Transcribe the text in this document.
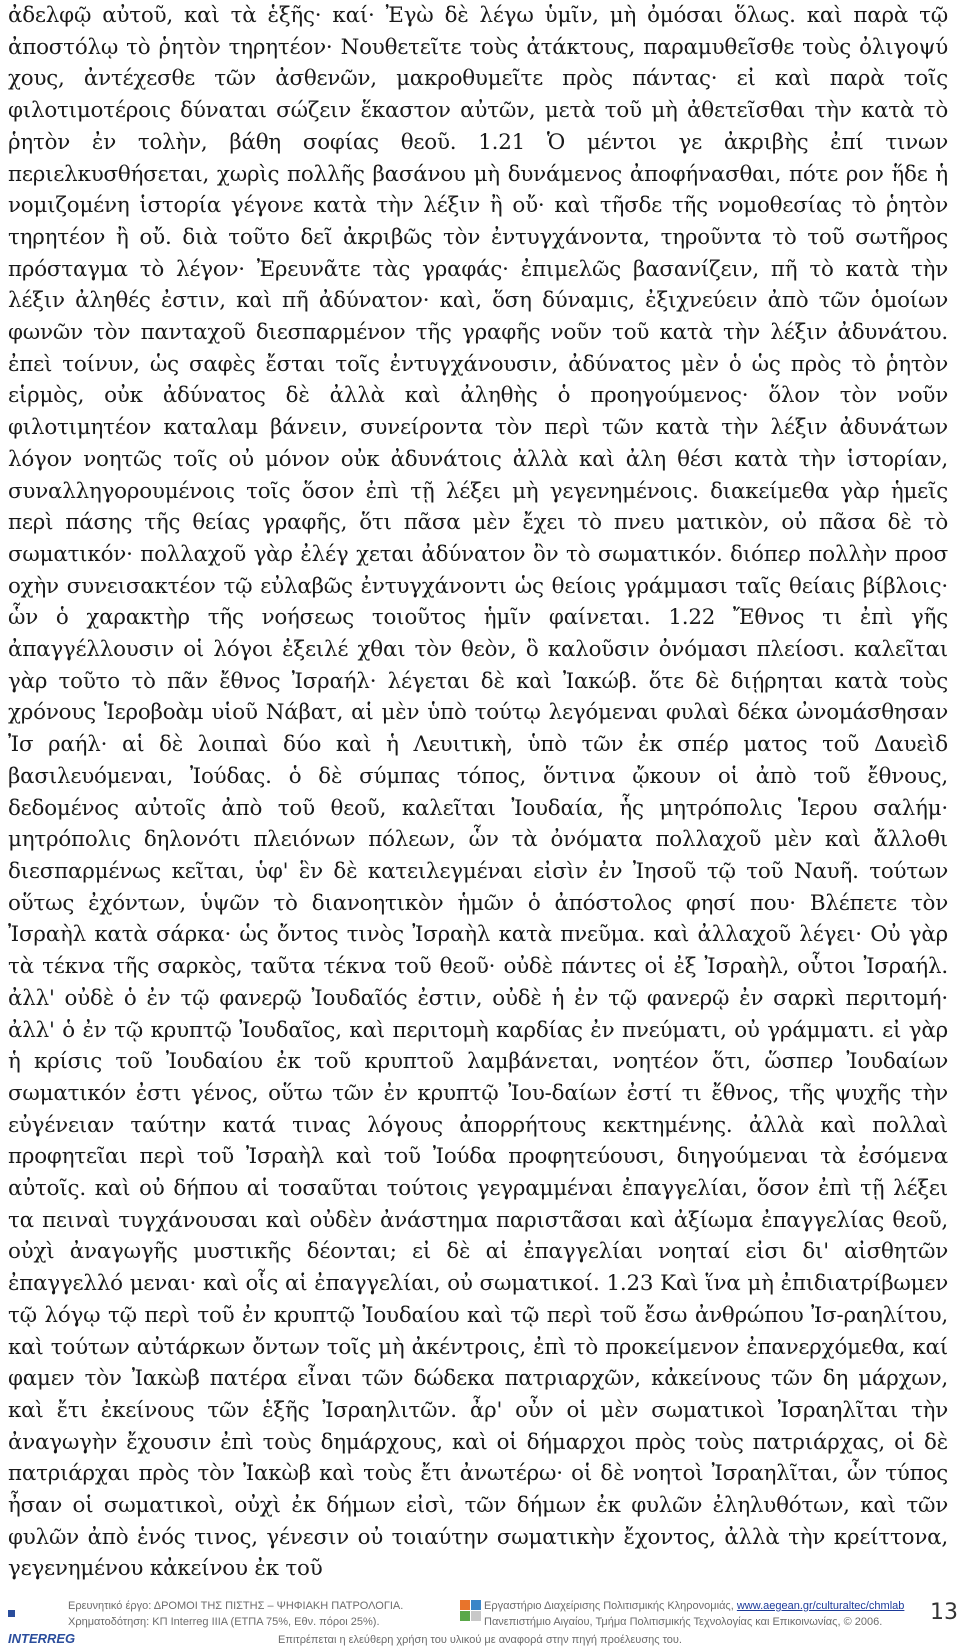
ἀδελφῷ αὐτοῦ, καὶ τὰ ἑξῆς· καί· Ἐγὼ δὲ λέγω ὑμῖν, μὴ ὀμόσαι ὅλως. καὶ παρὰ τῷ ἀποστόλῳ τὸ ῥητὸν τηρητέον· Νουθετεῖτε τοὺς ἀτάκτους, παραμυθεῖσθε τοὺς ὀλιγοψύ χους, ἀντέχεσθε τῶν ἀσθενῶν, μακροθυμεῖτε πρὸς πάντας· εἰ καὶ παρὰ τοῖς φιλοτιμοτέροις δύναται σώζειν ἕκαστον αὐτῶν, μετὰ τοῦ μὴ ἀθετεῖσθαι τὴν κατὰ τὸ ῥητὸν ἐν τολὴν, βάθη σοφίας θεοῦ. 1.21 Ὁ μέντοι γε ἀκριβὴς ἐπί τινων περιελκυσθήσεται, χωρὶς πολλῆς βασάνου μὴ δυνάμενος ἀποφήνασθαι, πότε ρον ἥδε ἡ νομιζομένη ἱστορία γέγονε κατὰ τὴν λέξιν ἢ οὔ· καὶ τῆσδε τῆς νομοθεσίας τὸ ῥητὸν τηρητέον ἢ οὔ. διὰ τοῦτο δεῖ ἀκριβῶς τὸν ἐντυγχάνοντα, τηροῦντα τὸ τοῦ σωτῆρος πρόσταγμα τὸ λέγον· Ἐρευνᾶτε τὰς γραφάς· ἐπιμελῶς βασανίζειν, πῆ τὸ κατὰ τὴν λέξιν ἀληθές ἐστιν, καὶ πῆ ἀδύνατον· καὶ, ὅση δύναμις, ἐξιχνεύειν ἀπὸ τῶν ὁμοίων φωνῶν τὸν πανταχοῦ διεσπαρμένον τῆς γραφῆς νοῦν τοῦ κατὰ τὴν λέξιν ἀδυνάτου. ἐπεὶ τοίνυν, ὡς σαφὲς ἔσται τοῖς ἐντυγχάνουσιν, ἀδύνατος μὲν ὁ ὡς πρὸς τὸ ῥητὸν εἱρμὸς, οὐκ ἀδύνατος δὲ ἀλλὰ καὶ ἀληθὴς ὁ προηγούμενος· ὅλον τὸν νοῦν φιλοτιμητέον καταλαμ βάνειν, συνείροντα τὸν περὶ τῶν κατὰ τὴν λέξιν ἀδυνάτων λόγον νοητῶς τοῖς οὐ μόνον οὐκ ἀδυνάτοις ἀλλὰ καὶ ἀλη θέσι κατὰ τὴν ἱστορίαν, συναλληγορουμένοις τοῖς ὅσον ἐπὶ τῇ λέξει μὴ γεγενημένοις. διακείμεθα γὰρ ἡμεῖς περὶ πάσης τῆς θείας γραφῆς, ὅτι πᾶσα μὲν ἔχει τὸ πνευ ματικὸν, οὐ πᾶσα δὲ τὸ σωματικόν· πολλαχοῦ γὰρ ἐλέγ χεται ἀδύνατον ὂν τὸ σωματικόν. διόπερ πολλὴν προσ οχὴν συνεισακτέον τῷ εὐλαβῶς ἐντυγχάνοντι ὡς θείοις γράμμασι ταῖς θείαις βίβλοις· ὧν ὁ χαρακτὴρ τῆς νοήσεως τοιοῦτος ἡμῖν φαίνεται. 1.22 Ἔθνος τι ἐπὶ γῆς ἀπαγγέλλουσιν οἱ λόγοι ἐξειλέ χθαι τὸν θεὸν, ὃ καλοῦσιν ὀνόμασι πλείοσι. καλεῖται γὰρ τοῦτο τὸ πᾶν ἔθνος Ἰσραήλ· λέγεται δὲ καὶ Ἰακώβ. ὅτε δὲ διῄρηται κατὰ τοὺς χρόνους Ἱεροβοὰμ υἱοῦ Νάβατ, αἱ μὲν ὑπὸ τούτῳ λεγόμεναι φυλαὶ δέκα ὠνομάσθησαν Ἰσ ραήλ· αἱ δὲ λοιπαὶ δύο καὶ ἡ Λευιτικὴ, ὑπὸ τῶν ἐκ σπέρ ματος τοῦ Δαυεὶδ βασιλευόμεναι, Ἰούδας. ὁ δὲ σύμπας τόπος, ὅντινα ᾤκουν οἱ ἀπὸ τοῦ ἔθνους, δεδομένος αὐτοῖς ἀπὸ τοῦ θεοῦ, καλεῖται Ἰουδαία, ἧς μητρόπολις Ἱερου σαλήμ· μητρόπολις δηλονότι πλειόνων πόλεων, ὧν τὰ ὀνόματα πολλαχοῦ μὲν καὶ ἄλλοθι διεσπαρμένως κεῖται, ὑφ' ἓν δὲ κατειλεγμέναι εἰσὶν ἐν Ἰησοῦ τῷ τοῦ Ναυῆ. τούτων οὕτως ἐχόντων, ὑψῶν τὸ διανοητικὸν ἡμῶν ὁ ἀπόστολος φησί που· Βλέπετε τὸν Ἰσραὴλ κατὰ σάρκα· ὡς ὄντος τινὸς Ἰσραὴλ κατὰ πνεῦμα. καὶ ἀλλαχοῦ λέγει· Οὐ γὰρ τὰ τέκνα τῆς σαρκὸς, ταῦτα τέκνα τοῦ θεοῦ· οὐδὲ πάντες οἱ ἐξ Ἰσραὴλ, οὗτοι Ἰσραήλ. ἀλλ' οὐδὲ ὁ ἐν τῷ φανερῷ Ἰουδαῖός ἐστιν, οὐδὲ ἡ ἐν τῷ φανερῷ ἐν σαρκὶ περιτομή· ἀλλ' ὁ ἐν τῷ κρυπτῷ Ἰουδαῖος, καὶ περιτομὴ καρδίας ἐν πνεύματι, οὐ γράμματι. εἰ γὰρ ἡ κρίσις τοῦ Ἰουδαίου ἐκ τοῦ κρυπτοῦ λαμβάνεται, νοητέον ὅτι, ὥσπερ Ἰουδαίων σωματικόν ἐστι γένος, οὕτω τῶν ἐν κρυπτῷ Ἰου-δαίων ἐστί τι ἔθνος, τῆς ψυχῆς τὴν εὐγένειαν ταύτην κατά τινας λόγους ἀπορρήτους κεκτημένης. ἀλλὰ καὶ πολλαὶ προφητεῖαι περὶ τοῦ Ἰσραὴλ καὶ τοῦ Ἰούδα προφητεύουσι, διηγούμεναι τὰ ἐσόμενα αὐτοῖς. καὶ οὐ δήπου αἱ τοσαῦται τούτοις γεγραμμέναι ἐπαγγελίαι, ὅσον ἐπὶ τῇ λέξει τα πειναὶ τυγχάνουσαι καὶ οὐδὲν ἀνάστημα παριστᾶσαι καὶ ἀξίωμα ἐπαγγελίας θεοῦ, οὐχὶ ἀναγωγῆς μυστικῆς δέονται; εἰ δὲ αἱ ἐπαγγελίαι νοηταί εἰσι δι' αἰσθητῶν ἐπαγγελλό μεναι· καὶ οἷς αἱ ἐπαγγελίαι, οὐ σωματικοί. 1.23 Καὶ ἵνα μὴ ἐπιδιατρίβωμεν τῷ λόγῳ τῷ περὶ τοῦ ἐν κρυπτῷ Ἰουδαίου καὶ τῷ περὶ τοῦ ἔσω ἀνθρώπου Ἰσ-ραηλίτου, καὶ τούτων αὐτάρκων ὄντων τοῖς μὴ ἀκέντροις, ἐπὶ τὸ προκείμενον ἐπανερχόμεθα, καί φαμεν τὸν Ἰακὼβ πατέρα εἶναι τῶν δώδεκα πατριαρχῶν, κἀκείνους τῶν δη μάρχων, καὶ ἔτι ἐκείνους τῶν ἑξῆς Ἰσραηλιτῶν. ἆρ' οὖν οἱ μὲν σωματικοὶ Ἰσραηλῖται τὴν ἀναγωγὴν ἔχουσιν ἐπὶ τοὺς δημάρχους, καὶ οἱ δήμαρχοι πρὸς τοὺς πατριάρχας, οἱ δὲ πατριάρχαι πρὸς τὸν Ἰακὼβ καὶ τοὺς ἔτι ἀνωτέρω· οἱ δὲ νοητοὶ Ἰσραηλῖται, ὧν τύπος ἦσαν οἱ σωματικοὶ, οὐχὶ ἐκ δήμων εἰσὶ, τῶν δήμων ἐκ φυλῶν ἐληλυθότων, καὶ τῶν φυλῶν ἀπὸ ἑνός τινος, γένεσιν οὐ τοιαύτην σωματικὴν ἔχοντος, ἀλλὰ τὴν κρείττονα, γεγενημένου κἀκείνου ἐκ τοῦ

INTERREG
Ερευνητικό έργο: ΔΡΟΜΟΙ ΤΗΣ ΠΙΣΤΗΣ – ΨΗΦΙΑΚΗ ΠΑΤΡΟΛΟΓΙΑ.
Χρηματοδότηση: ΚΠ Interreg IIIA (ΕΤΠΑ 75%, Εθν. πόροι 25%).
Εργαστήριο Διαχείρισης Πολιτισμικής Κληρονομιάς, www.aegean.gr/culturaltec/chmlab
Πανεπιστήμιο Αιγαίου, Τμήμα Πολιτισμικής Τεχνολογίας και Επικοινωνίας, © 2006.	13
Επιτρέπεται η ελεύθερη χρήση του υλικού με αναφορά στην πηγή προέλευσης του.
